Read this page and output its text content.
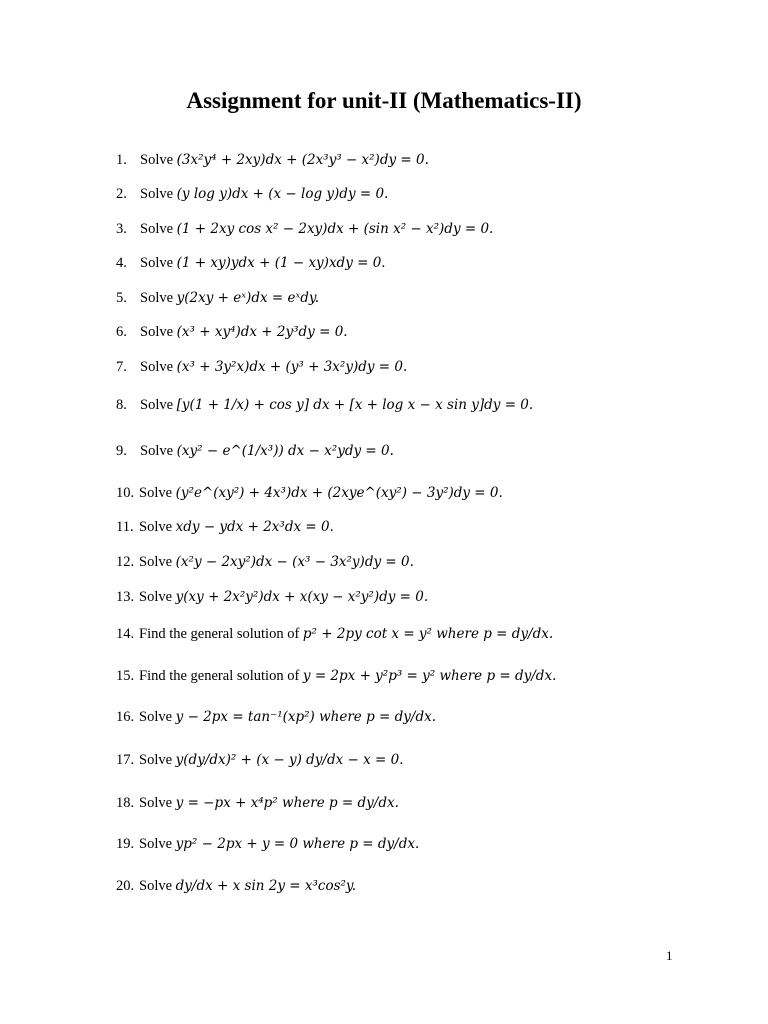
Assignment for unit-II (Mathematics-II)
1. Solve (3x²y⁴ + 2xy)dx + (2x³y³ − x²)dy = 0.
2. Solve (y log y)dx + (x − log y)dy = 0.
3. Solve (1 + 2xy cos x² − 2xy)dx + (sin x² − x²)dy = 0.
4. Solve (1 + xy)ydx + (1 − xy)xdy = 0.
5. Solve y(2xy + eˣ)dx = eˣdy.
6. Solve (x³ + xy⁴)dx + 2y³dy = 0.
7. Solve (x³ + 3y²x)dx + (y³ + 3x²y)dy = 0.
8. Solve [y(1 + 1/x) + cos y] dx + [x + log x − x sin y]dy = 0.
9. Solve (xy² − e^(1/x³)) dx − x²ydy = 0.
10. Solve (y²e^(xy²) + 4x³)dx + (2xye^(xy²) − 3y²)dy = 0.
11. Solve xdy − ydx + 2x³dx = 0.
12. Solve (x²y − 2xy²)dx − (x³ − 3x²y)dy = 0.
13. Solve y(xy + 2x²y²)dx + x(xy − x²y²)dy = 0.
14. Find the general solution of p² + 2py cot x = y² where p = dy/dx.
15. Find the general solution of y = 2px + y²p³ = y² where p = dy/dx.
16. Solve y − 2px = tan⁻¹(xp²) where p = dy/dx.
17. Solve y(dy/dx)² + (x − y) dy/dx − x = 0.
18. Solve y = −px + x⁴p² where p = dy/dx.
19. Solve yp² − 2px + y = 0 where p = dy/dx.
20. Solve dy/dx + x sin 2y = x³cos²y.
1
